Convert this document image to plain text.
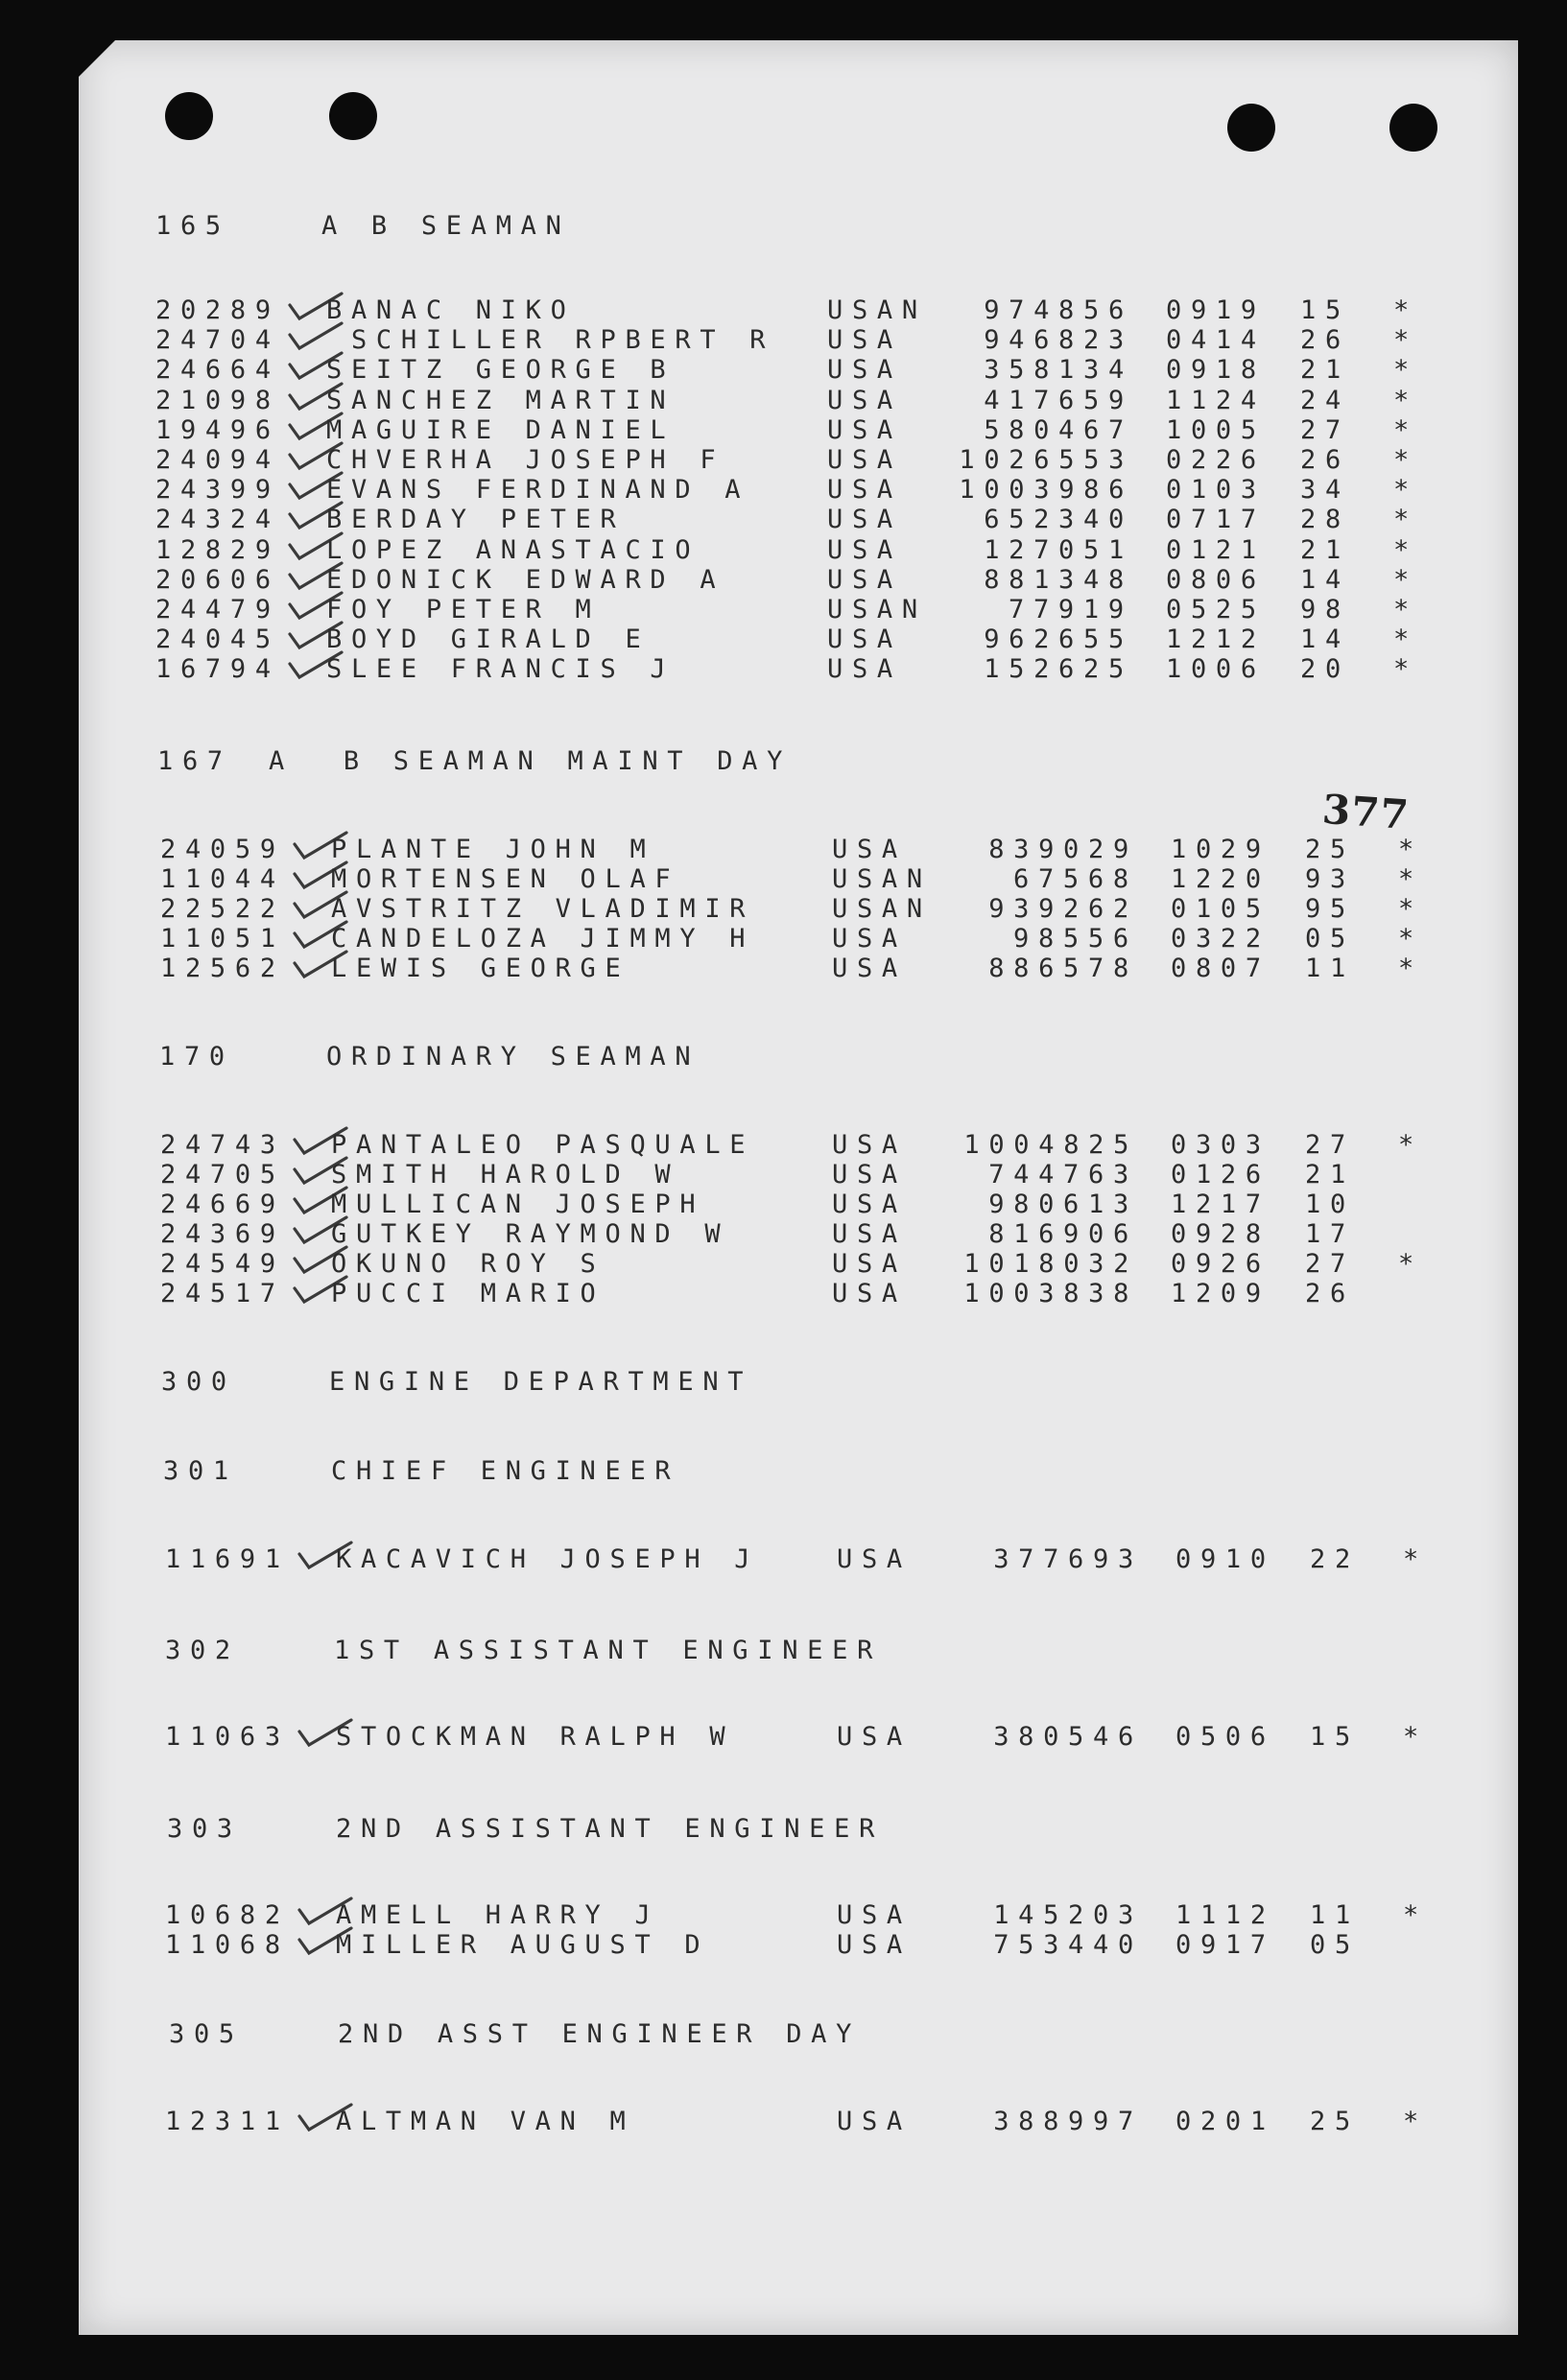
165	A B SEAMAN
20289 BANAC NIKO	USAN 974856 0919 15 *
24704 SCHILLER RPBERT R USA	946823 0414 26 *
24664 SEITZ GEORGE B	USA	358134 0918 21 *
21098 SANCHEZ MARTIN	USA	417659 1124 24 *
19496 MAGUIRE DANIEL	USA	580467 1005 27 *
24094 CHVERHA JOSEPH F	USA 1026553 0226 26 *
24399 EVANS FERDINAND A	USA 1003986 0103 34 *
24324 BERDAY PETER	USA	652340 0717 28 *
12829 LOPEZ ANASTACIO	USA	127051 0121 21 *
20606 EDONICK EDWARD A	USA	881348 0806 14 *
24479 FOY PETER M	USAN	77919 0525 98 *
24045 BOYD GIRALD E	USA	962655 1212 14 *
16794 SLEE FRANCIS J	USA	152625 1006 20 *
167 A  B SEAMAN MAINT DAY
24059 PLANTE JOHN M	USA	839029 1029 25 *
11044 MORTENSEN OLAF	USAN	67568 1220 93 *
22522 AVSTRITZ VLADIMIR	USAN 939262 0105 95 *
11051 CANDELOZA JIMMY H	USA	98556 0322 05 *
12562 LEWIS GEORGE	USA	886578 0807 11 *
170	ORDINARY SEAMAN
24743 PANTALEO PASQUALE	USA 1004825 0303 27 *
24705 SMITH HAROLD W	USA	744763 0126 21
24669 MULLICAN JOSEPH	USA	980613 1217 10
24369 GUTKEY RAYMOND W	USA	816906 0928 17
24549 OKUNO ROY S	USA 1018032 0926 27 *
24517 PUCCI MARIO	USA 1003838 1209 26
300	ENGINE DEPARTMENT
301	CHIEF ENGINEER
11691 KACAVICH JOSEPH J	USA	377693 0910 22 *
302	1ST ASSISTANT ENGINEER
11063 STOCKMAN RALPH W	USA	380546 0506 15 *
303	2ND ASSISTANT ENGINEER
10682 AMELL HARRY J	USA	145203 1112 11 *
11068 MILLER AUGUST D	USA	753440 0917 05
305	2ND ASST ENGINEER DAY
12311 ALTMAN VAN M	USA	388997 0201 25 *
377
